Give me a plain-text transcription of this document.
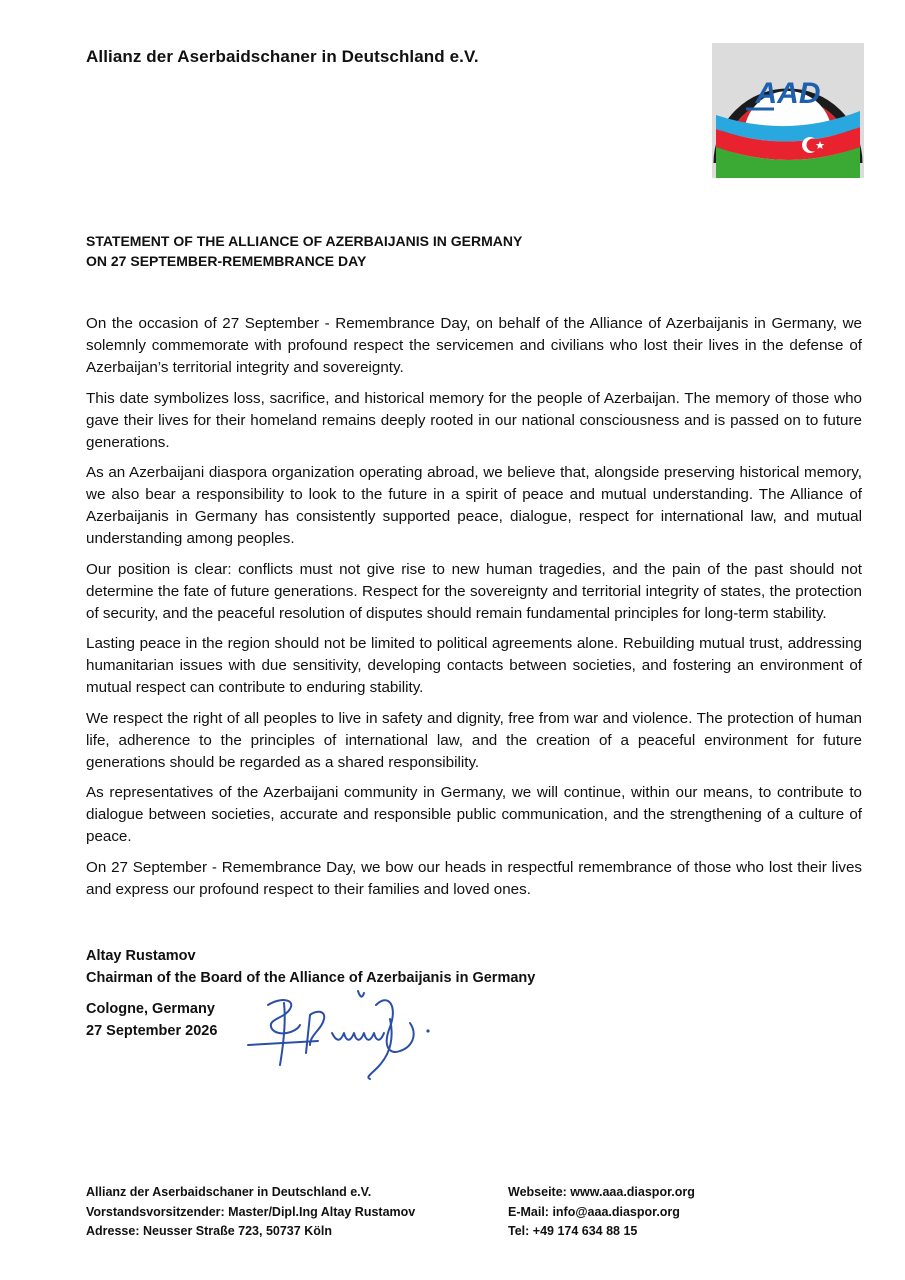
Allianz der Aserbaidschaner in Deutschland e.V.
AAD
STATEMENT OF THE ALLIANCE OF AZERBAIJANIS IN GERMANY
ON 27 SEPTEMBER-REMEMBRANCE DAY

On the occasion of 27 September - Remembrance Day, on behalf of the Alliance of Azerbaijanis in Germany, we solemnly commemorate with profound respect the servicemen and civilians who lost their lives in the defense of Azerbaijan’s territorial integrity and sovereignty.

This date symbolizes loss, sacrifice, and historical memory for the people of Azerbaijan. The memory of those who gave their lives for their homeland remains deeply rooted in our national consciousness and is passed on to future generations.

As an Azerbaijani diaspora organization operating abroad, we believe that, alongside preserving historical memory, we also bear a responsibility to look to the future in a spirit of peace and mutual understanding. The Alliance of Azerbaijanis in Germany has consistently supported peace, dialogue, respect for international law, and mutual understanding among peoples.

Our position is clear: conflicts must not give rise to new human tragedies, and the pain of the past should not determine the fate of future generations. Respect for the sovereignty and territorial integrity of states, the protection of security, and the peaceful resolution of disputes should remain fundamental principles for long-term stability.

Lasting peace in the region should not be limited to political agreements alone. Rebuilding mutual trust, addressing humanitarian issues with due sensitivity, developing contacts between societies, and fostering an environment of mutual respect can contribute to enduring stability.

We respect the right of all peoples to live in safety and dignity, free from war and violence. The protection of human life, adherence to the principles of international law, and the creation of a peaceful environment for future generations should be regarded as a shared responsibility.

As representatives of the Azerbaijani community in Germany, we will continue, within our means, to contribute to dialogue between societies, accurate and responsible public communication, and the strengthening of a culture of peace.

On 27 September - Remembrance Day, we bow our heads in respectful remembrance of those who lost their lives and express our profound respect to their families and loved ones.

Altay Rustamov
Chairman of the Board of the Alliance of Azerbaijanis in Germany
Cologne, Germany
27 September 2026
Allianz der Aserbaidschaner in Deutschland e.V.
Vorstandsvorsitzender: Master/Dipl.Ing Altay Rustamov
Adresse: Neusser Straße 723, 50737 Köln
Webseite: www.aaa.diaspor.org
E-Mail: info@aaa.diaspor.org
Tel: +49 174 634 88 15
